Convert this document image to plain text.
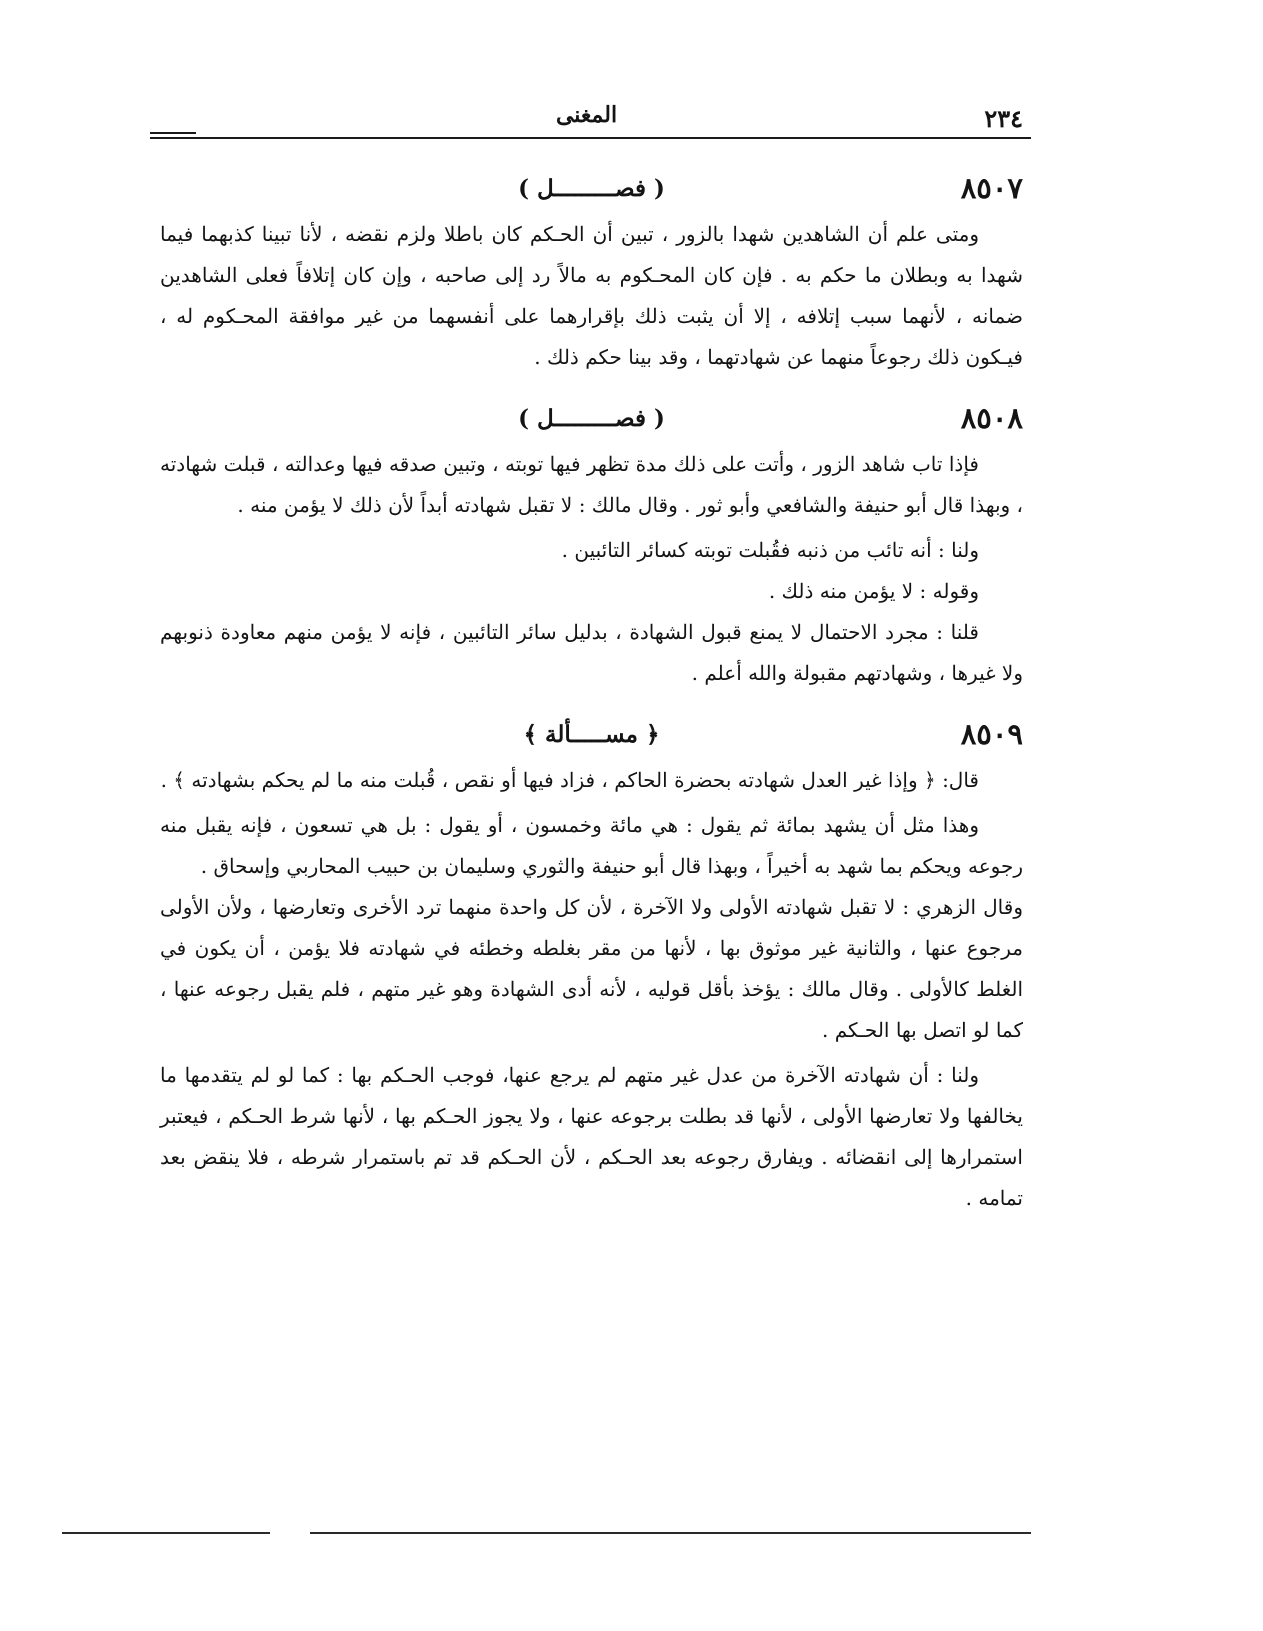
٢٣٤
المغنى
٨٥٠٧
( فصـــــــــل )

ومتى علم أن الشاهدين شهدا بالزور ، تبين أن الحـكم كان باطلا ولزم نقضه ، لأنا تبينا كذبهما فيما شهدا به وبطلان ما حكم به . فإن كان المحـكوم به مالاً رد إلى صاحبه ، وإن كان إتلافاً فعلى الشاهدين ضمانه ، لأنهما سبب إتلافه ، إلا أن يثبت ذلك بإقرارهما على أنفسهما من غير موافقة المحـكوم له ، فيـكون ذلك رجوعاً منهما عن شهادتهما ، وقد بينا حكم ذلك .

٨٥٠٨
( فصـــــــــل )

فإذا تاب شاهد الزور ، وأتت على ذلك مدة تظهر فيها توبته ، وتبين صدقه فيها وعدالته ، قبلت شهادته ، وبهذا قال أبو حنيفة والشافعي وأبو ثور . وقال مالك : لا تقبل شهادته أبداً لأن ذلك لا يؤمن منه .

ولنا : أنه تائب من ذنبه فقُبلت توبته كسائر التائبين .

وقوله : لا يؤمن منه ذلك .

قلنا : مجرد الاحتمال لا يمنع قبول الشهادة ، بدليل سائر التائبين ، فإنه لا يؤمن منهم معاودة ذنوبهم ولا غيرها ، وشهادتهم مقبولة والله أعلم .

٨٥٠٩
﴿ مســـــألة ﴾

قال: ﴿ وإذا غير العدل شهادته بحضرة الحاكم ، فزاد فيها أو نقص ، قُبلت منه ما لم يحكم بشهادته ﴾ .

وهذا مثل أن يشهد بمائة ثم يقول : هي مائة وخمسون ، أو يقول : بل هي تسعون ، فإنه يقبل منه رجوعه ويحكم بما شهد به أخيراً ، وبهذا قال أبو حنيفة والثوري وسليمان بن حبيب المحاربي وإسحاق .

وقال الزهري : لا تقبل شهادته الأولى ولا الآخرة ، لأن كل واحدة منهما ترد الأخرى وتعارضها ، ولأن الأولى مرجوع عنها ، والثانية غير موثوق بها ، لأنها من مقر بغلطه وخطئه في شهادته فلا يؤمن ، أن يكون في الغلط كالأولى . وقال مالك : يؤخذ بأقل قوليه ، لأنه أدى الشهادة وهو غير متهم ، فلم يقبل رجوعه عنها ، كما لو اتصل بها الحـكم .

ولنا : أن شهادته الآخرة من عدل غير متهم لم يرجع عنها، فوجب الحـكم بها : كما لو لم يتقدمها ما يخالفها ولا تعارضها الأولى ، لأنها قد بطلت برجوعه عنها ، ولا يجوز الحـكم بها ، لأنها شرط الحـكم ، فيعتبر استمرارها إلى انقضائه . ويفارق رجوعه بعد الحـكم ، لأن الحـكم قد تم باستمرار شرطه ، فلا ينقض بعد تمامه .
